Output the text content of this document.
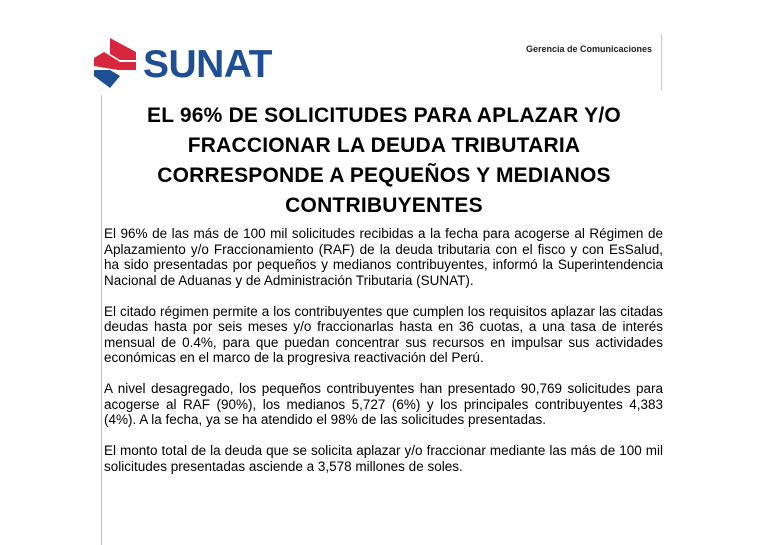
SUNAT	Gerencia de Comunicaciones
EL 96% DE SOLICITUDES PARA APLAZAR Y/O FRACCIONAR LA DEUDA TRIBUTARIA CORRESPONDE A PEQUEÑOS Y MEDIANOS CONTRIBUYENTES

El 96% de las más de 100 mil solicitudes recibidas a la fecha para acogerse al Régimen de Aplazamiento y/o Fraccionamiento (RAF) de la deuda tributaria con el fisco y con EsSalud, ha sido presentadas por pequeños y medianos contribuyentes, informó la Superintendencia Nacional de Aduanas y de Administración Tributaria (SUNAT).

El citado régimen permite a los contribuyentes que cumplen los requisitos aplazar las citadas deudas hasta por seis meses y/o fraccionarlas hasta en 36 cuotas, a una tasa de interés mensual de 0.4%, para que puedan concentrar sus recursos en impulsar sus actividades económicas en el marco de la progresiva reactivación del Perú.

A nivel desagregado, los pequeños contribuyentes han presentado 90,769 solicitudes para acogerse al RAF (90%), los medianos 5,727 (6%) y los principales contribuyentes 4,383 (4%). A la fecha, ya se ha atendido el 98% de las solicitudes presentadas.

El monto total de la deuda que se solicita aplazar y/o fraccionar mediante las más de 100 mil solicitudes presentadas asciende a 3,578 millones de soles.
